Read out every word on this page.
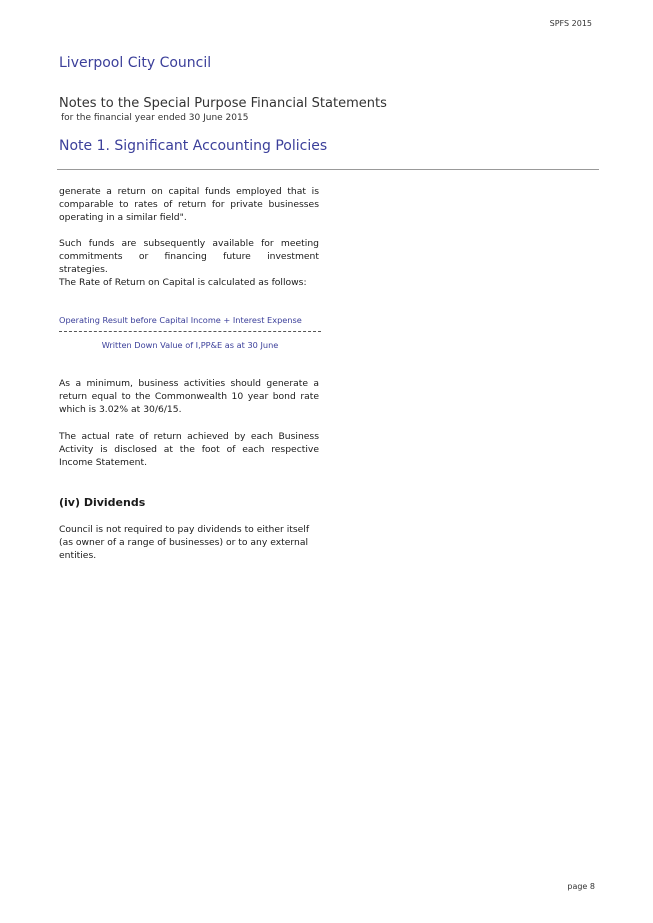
SPFS 2015
Liverpool City Council
Notes to the Special Purpose Financial Statements
for the financial year ended 30 June 2015
Note 1. Significant Accounting Policies

generate a return on capital funds employed that is comparable to rates of return for private businesses operating in a similar field".

Such funds are subsequently available for meeting commitments or financing future investment

strategies.

The Rate of Return on Capital is calculated as follows:

Operating Result before Capital Income + Interest Expense
Written Down Value of I,PP&E as at 30 June

As a minimum, business activities should generate a return equal to the Commonwealth 10 year bond rate which is 3.02% at 30/6/15.

The actual rate of return achieved by each Business Activity is disclosed at the foot of each respective Income Statement.

(iv) Dividends

Council is not required to pay dividends to either itself (as owner of a range of businesses) or to any external entities.

page 8
